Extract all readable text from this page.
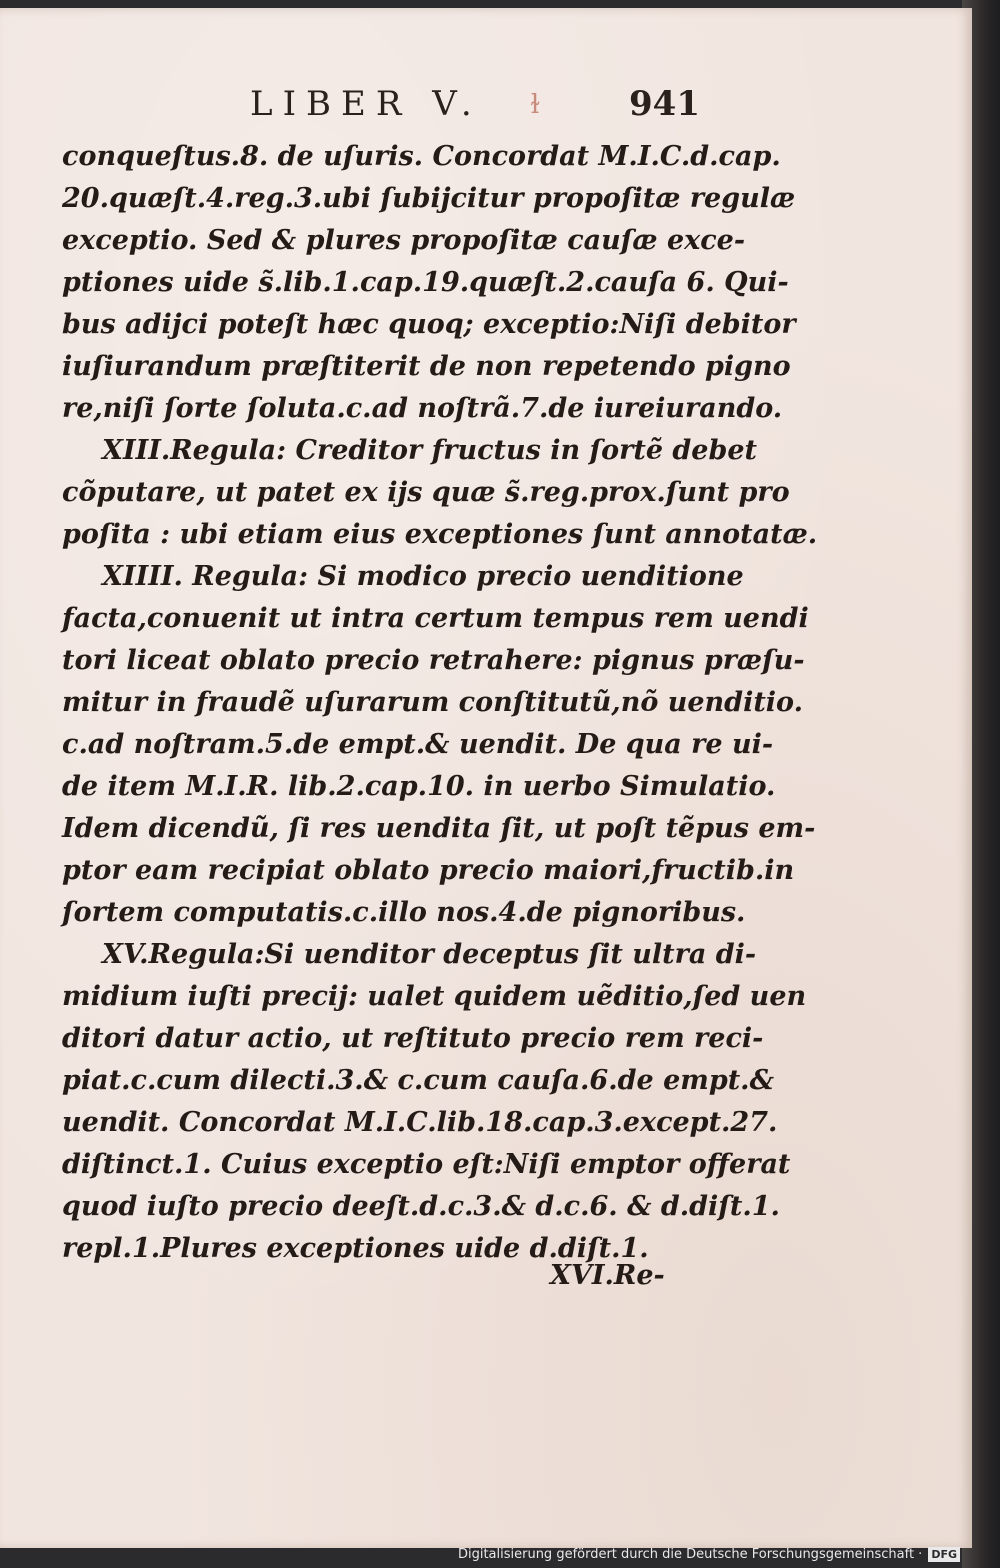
LIBER V. ɫ	941
conqueſtus.8. de uſuris. Concordat M.I.C.d.cap.
20.quæſt.4.reg.3.ubi ſubijcitur propoſitæ regulæ
exceptio. Sed & plures propoſitæ cauſæ exce-
ptiones uide s̃.lib.1.cap.19.quæſt.2.cauſa 6. Qui-
bus adijci poteſt hæc quoq; exceptio:Niſi debitor
iuſiurandum præſtiterit de non repetendo pigno
re,niſi ſorte ſoluta.c.ad noſtrã.7.de iureiurando.
XIII.Regula: Creditor fructus in ſortẽ debet
cõputare, ut patet ex ijs quæ s̃.reg.prox.ſunt pro
poſita : ubi etiam eius exceptiones ſunt annotatæ.
XIIII. Regula: Si modico precio uenditione
facta,conuenit ut intra certum tempus rem uendi
tori liceat oblato precio retrahere: pignus præſu-
mitur in fraudẽ uſurarum conſtitutũ,nõ uenditio.
c.ad noſtram.5.de empt.& uendit. De qua re ui-
de item M.I.R. lib.2.cap.10. in uerbo Simulatio.
Idem dicendũ, ſi res uendita ſit, ut poſt tẽpus em-
ptor eam recipiat oblato precio maiori,fructib.in
ſortem computatis.c.illo nos.4.de pignoribus.
XV.Regula:Si uenditor deceptus ſit ultra di-
midium iuſti precij: ualet quidem uẽditio,ſed uen
ditori datur actio, ut reſtituto precio rem reci-
piat.c.cum dilecti.3.& c.cum cauſa.6.de empt.&
uendit. Concordat M.I.C.lib.18.cap.3.except.27.
diſtinct.1. Cuius exceptio eſt:Niſi emptor offerat
quod iuſto precio deeſt.d.c.3.& d.c.6. & d.diſt.1.
repl.1.Plures exceptiones uide d.diſt.1.
XVI.Re-
Digitalisierung gefördert durch die Deutsche Forschungsgemeinschaft · DFG
